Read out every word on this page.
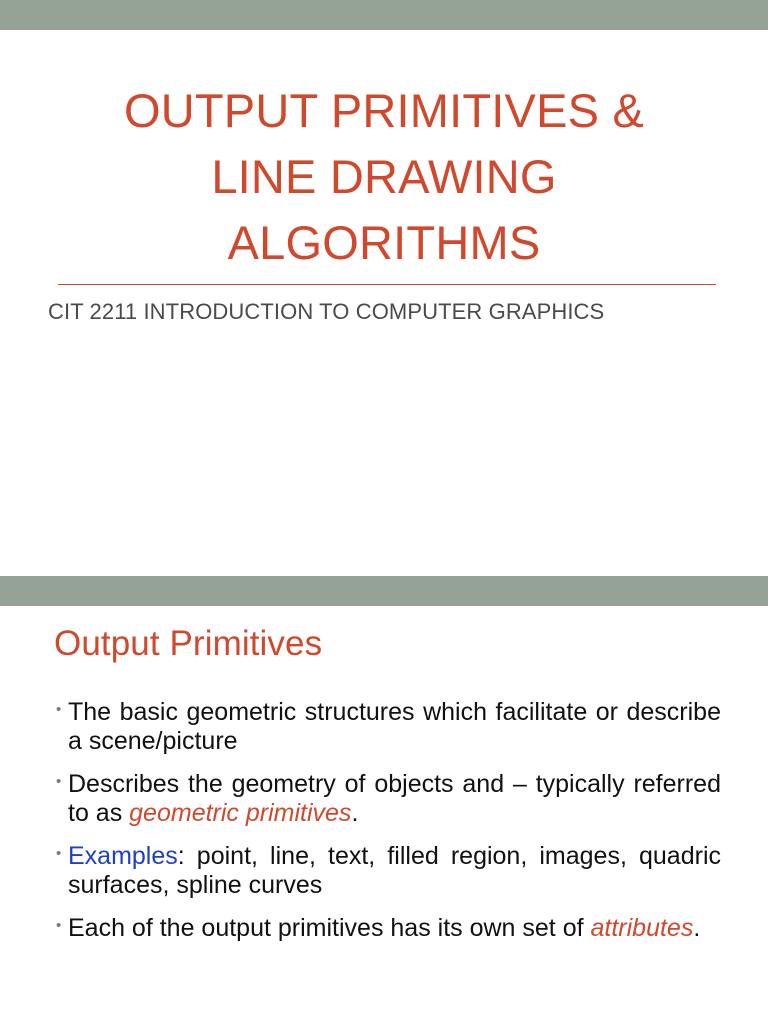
OUTPUT PRIMITIVES &
LINE DRAWING
ALGORITHMS
CIT 2211 INTRODUCTION TO COMPUTER GRAPHICS
Output Primitives
• The basic geometric structures which facilitate or describe a scene/picture
• Describes the geometry of objects and – typically referred to as geometric primitives.
• Examples: point, line, text, filled region, images, quadric surfaces, spline curves
• Each of the output primitives has its own set of attributes.
